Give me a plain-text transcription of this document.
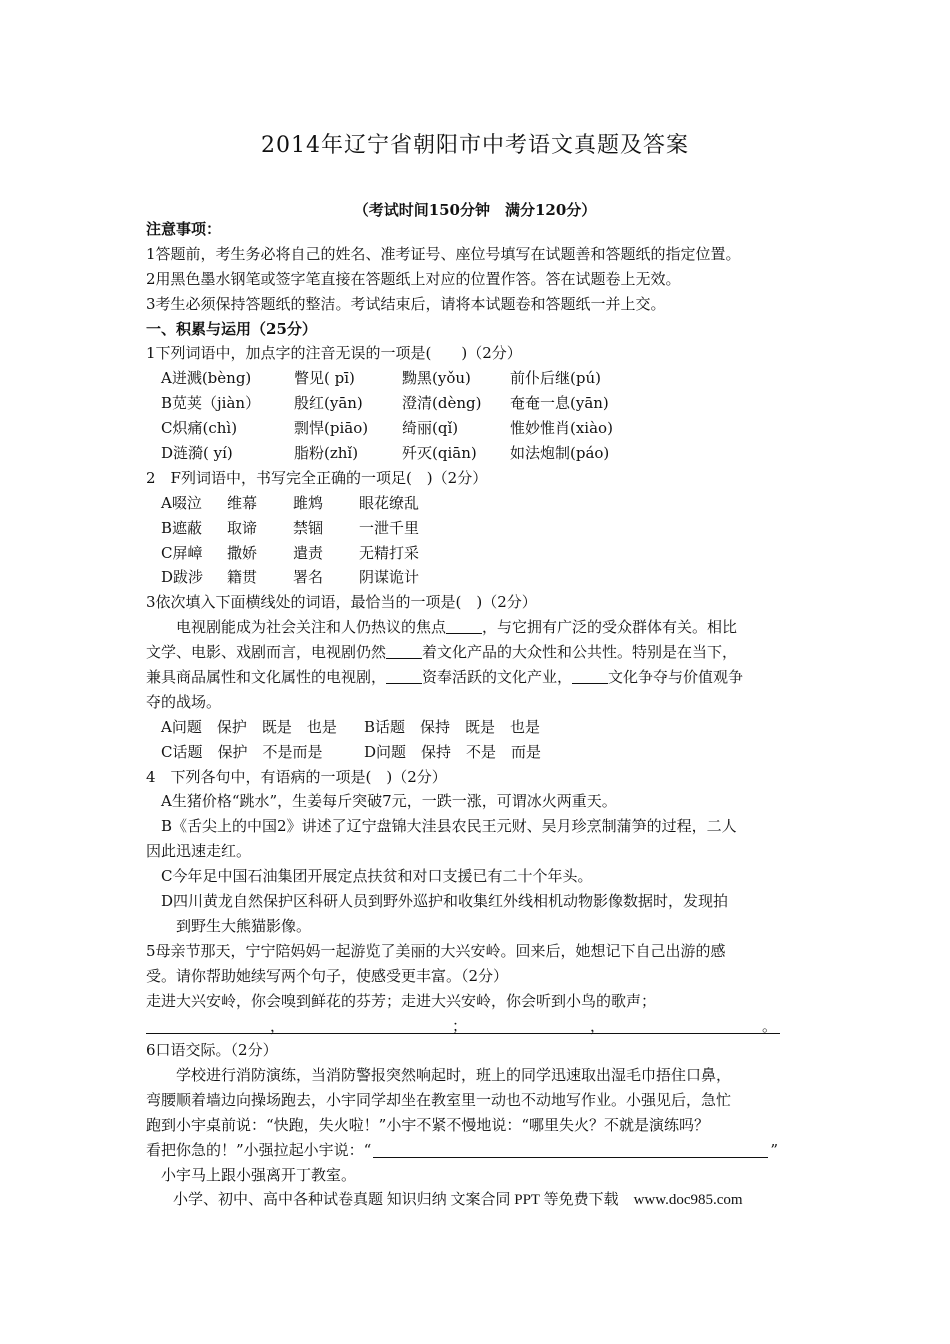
2014年辽宁省朝阳市中考语文真题及答案
（考试时间150分钟　满分120分）
注意事项：
1答题前，考生务必将自己的姓名、准考证号、座位号填写在试题善和答题纸的指定位置。
2用黑色墨水钢笔或签字笔直接在答题纸上对应的位置作答。答在试题卷上无效。
3考生必须保持答题纸的整洁。考试结束后，请将本试题卷和答题纸一并上交。
一、积累与运用（25分）
1下列词语中，加点字的注音无误的一项是(　　)（2分）
A迸溅(bèng)	瞥见( pī)	黝黑(yǒu)	前仆后继(pú)
B苋荚（jiàn） 殷红(yān)	澄清(dèng) 奄奄一息(yān)
C炽痛(chì)	剽悍(piāo) 绮丽(qǐ)	惟妙惟肖(xiào)
D涟漪( yí)	脂粉(zhǐ)	歼灭(qiān) 如法炮制(páo)
2　F列词语中，书写完全正确的一项足(　)（2分）
A啜泣 维幕 雎鸩 眼花缭乱
B遮蔽 取谛 禁锢 一泄千里
C屏嶂 撒娇 遣责 无精打采
D跋涉 籍贯 署名 阴谋诡计
3依次填入下面横线处的词语，最恰当的一项是(　)（2分）
电视剧能成为社会关注和人仍热议的焦点 ，与它拥有广泛的受众群体有关。相比
文学、电影、戏剧而言，电视剧仍然 着文化产品的大众性和公共性。特别是在当下，
兼具商品属性和文化属性的电视剧， 资奉活跃的文化产业， 文化争夺与价值观争
夺的战场。
A问题　保护　既是　也是 B话题　保持　既是　也是
C话题　保护　不是而是	D问题　保持　不是　而是
4　下列各句中，有语病的一项是(　)（2分）
A生猪价格“跳水”，生姜每斤突破7元，一跌一涨，可谓冰火两重天。
B《舌尖上的中国2》讲述了辽宁盘锦大洼县农民王元财、吴月珍烹制蒲笋的过程，二人
因此迅速走红。
C今年足中国石油集团开展定点扶贫和对口支援已有二十个年头。
D四川黄龙自然保护区科研人员到野外巡护和收集红外线相机动物影像数据时，发现拍
到野生大熊猫影像。
5母亲节那天，宁宁陪妈妈一起游览了美丽的大兴安岭。回来后，她想记下自己出游的感
受。请你帮助她续写两个句子，使感受更丰富。（2分）
走进大兴安岭，你会嗅到鲜花的芬芳；走进大兴安岭，你会听到小鸟的歌声；
，	；	，	。
6口语交际。（2分）
学校进行消防演练，当消防警报突然响起时，班上的同学迅速取出湿毛巾捂住口鼻，
弯腰顺着墙边向操场跑去，小宇同学却坐在教室里一动也不动地写作业。小强见后，急忙
跑到小宇桌前说：“快跑，失火啦！”小宇不紧不慢地说：“哪里失火？不就是演练吗？
看把你急的！”小强拉起小宇说：“	”
小宇马上跟小强离开丁教室。
小学、初中、高中各种试卷真题 知识归纳 文案合同 PPT 等免费下载　www.doc985.com
